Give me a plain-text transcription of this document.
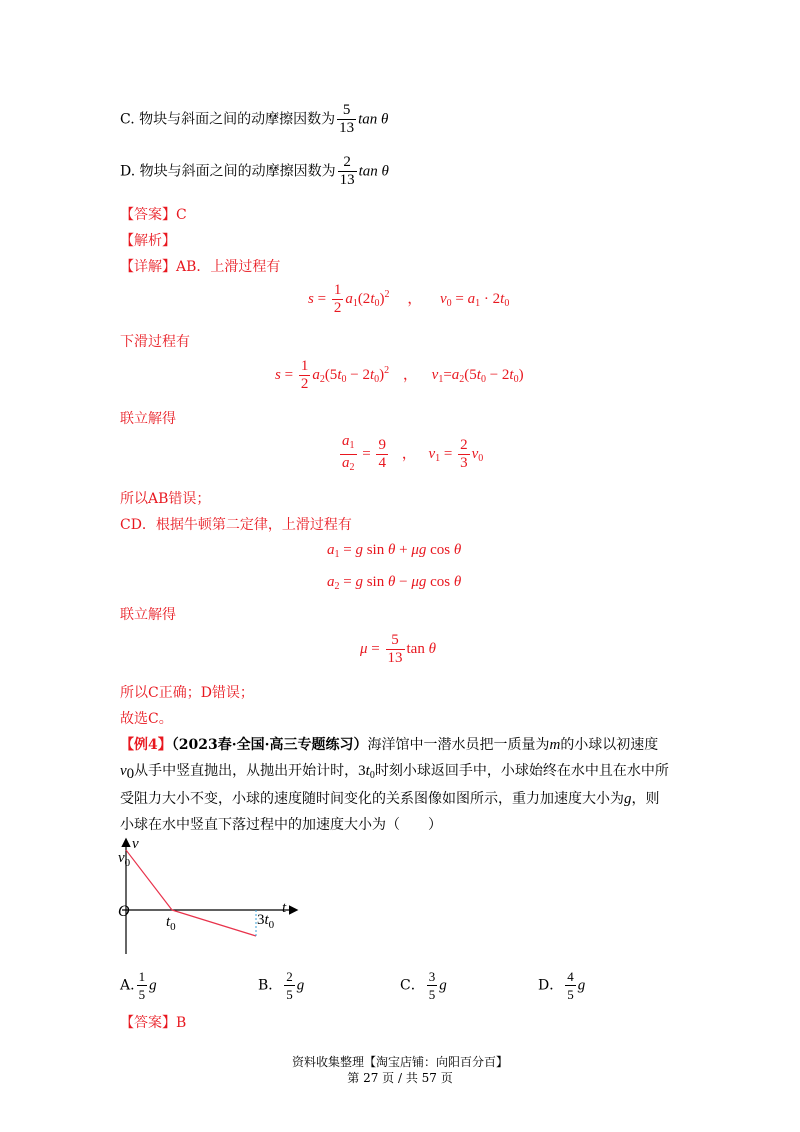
C. 物块与斜面之间的动摩擦因数为 $\frac{5}{13}$ tan θ
D. 物块与斜面之间的动摩擦因数为 $\frac{2}{13}$ tan θ
【答案】C
【解析】
【详解】AB．上滑过程有
$s = \frac{1}{2} a_1(2t_0)^2$ ， $v_0 = a_1 \cdot 2t_0$
下滑过程有
$s = \frac{1}{2} a_2(5t_0 - 2t_0)^2$ ， $v_1=a_2(5t_0 - 2t_0)$
联立解得
$\frac{a_1}{a_2} = \frac{9}{4}$ ， $v_1 = \frac{2}{3} v_0$
所以AB错误；
CD．根据牛顿第二定律，上滑过程有
$a_1 = g$ sin θ + μg cos θ
$a_2 = g$ sin θ − μg cos θ
联立解得
$\mu = \frac{5}{13}$ tan θ
所以C正确；D错误；
故选C。
【例4】（2023春·全国·高三专题练习）海洋馆中一潜水员把一质量为m的小球以初速度
$v_0$从手中竖直抛出，从抛出开始计时，$3t_0$时刻小球返回手中，小球始终在水中且在水中所
受阻力大小不变，小球的速度随时间变化的关系图像如图所示，重力加速度大小为g，则
小球在水中竖直下落过程中的加速度大小为（　　）
v
$v_0$
O	t
$t_0$	$3t_0$
A. $\frac{1}{5}$ g	B． $\frac{2}{5}$ g	C． $\frac{3}{5}$ g	D． $\frac{4}{5}$ g
【答案】B
资料收集整理【淘宝店铺：向阳百分百】
第 27 页 / 共 57 页
